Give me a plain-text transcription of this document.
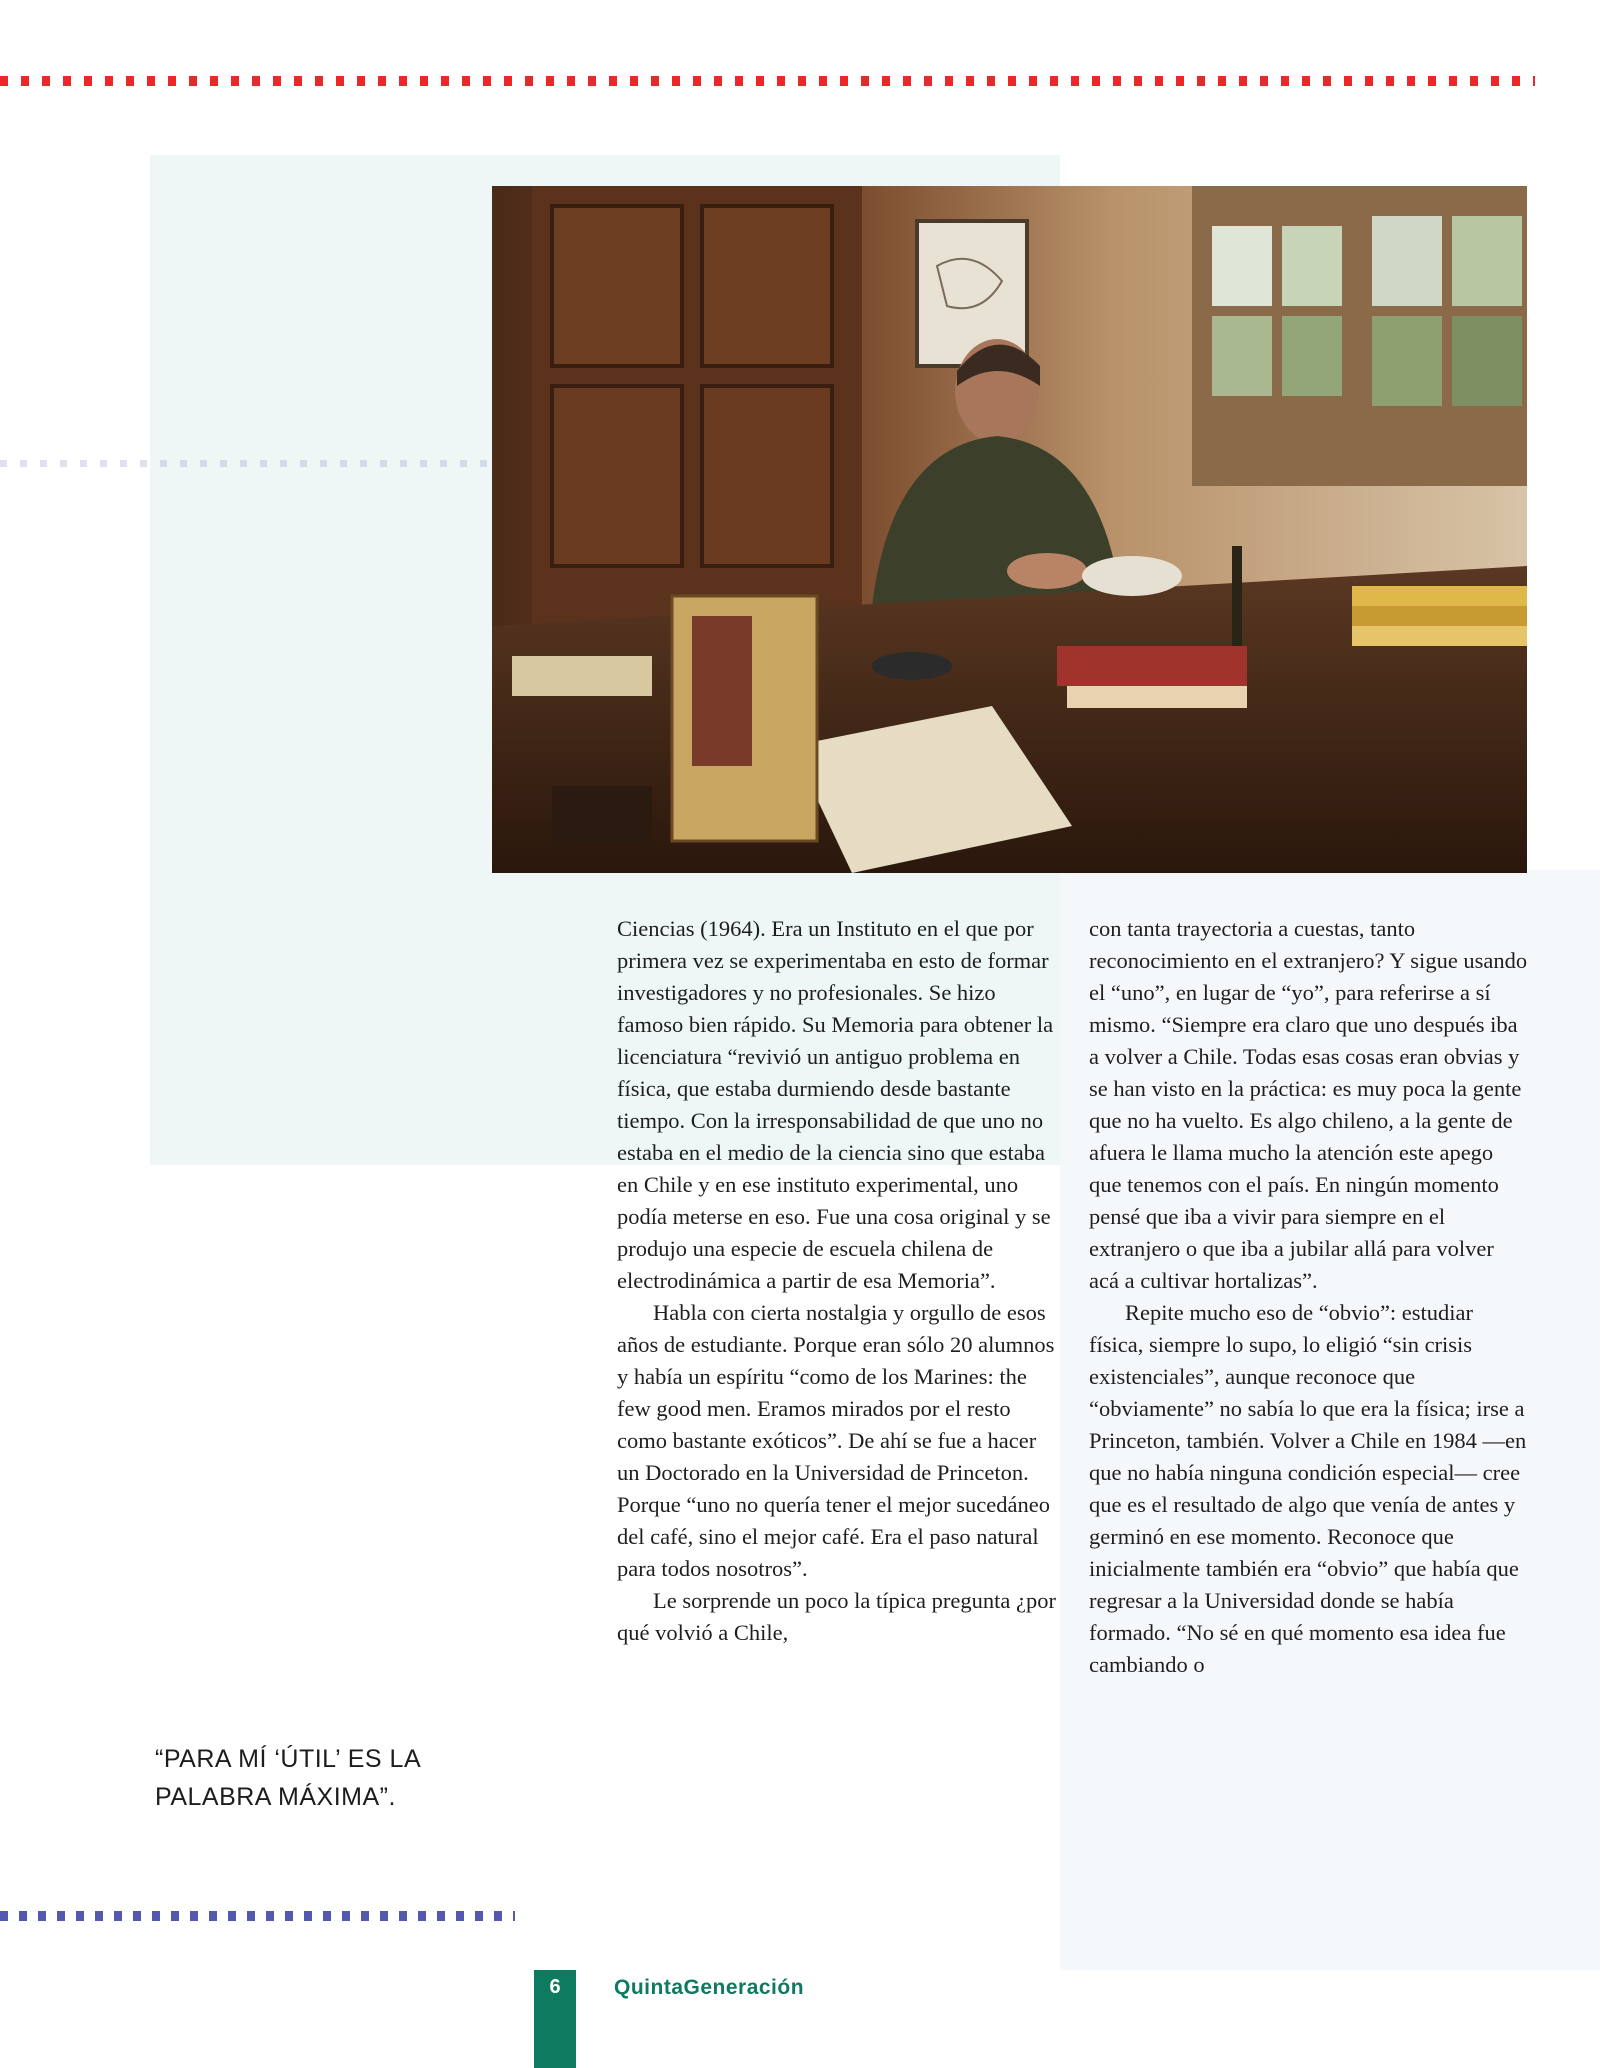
Ciencias (1964). Era un Instituto en el que por primera vez se experimentaba en esto de formar investigadores y no profesionales. Se hizo famoso bien rápido. Su Memoria para obtener la licenciatura “revivió un antiguo problema en física, que estaba durmiendo desde bastante tiempo. Con la irresponsabilidad de que uno no estaba en el medio de la ciencia sino que estaba en Chile y en ese instituto experimental, uno podía meterse en eso. Fue una cosa original y se produjo una especie de escuela chilena de electrodinámica a partir de esa Memoria”.

Habla con cierta nostalgia y orgullo de esos años de estudiante. Porque eran sólo 20 alumnos y había un espíritu “como de los Marines: the few good men. Eramos mirados por el resto como bastante exóticos”. De ahí se fue a hacer un Doctorado en la Universidad de Princeton. Porque “uno no quería tener el mejor sucedáneo del café, sino el mejor café. Era el paso natural para todos nosotros”.

Le sorprende un poco la típica pregunta ¿por qué volvió a Chile,

con tanta trayectoria a cuestas, tanto reconocimiento en el extranjero? Y sigue usando el “uno”, en lugar de “yo”, para referirse a sí mismo. “Siempre era claro que uno después iba a volver a Chile. Todas esas cosas eran obvias y se han visto en la práctica: es muy poca la gente que no ha vuelto. Es algo chileno, a la gente de afuera le llama mucho la atención este apego que tenemos con el país. En ningún momento pensé que iba a vivir para siempre en el extranjero o que iba a jubilar allá para volver acá a cultivar hortalizas”.

Repite mucho eso de “obvio”: estudiar física, siempre lo supo, lo eligió “sin crisis existenciales”, aunque reconoce que “obviamente” no sabía lo que era la física; irse a Princeton, también. Volver a Chile en 1984 —en que no había ninguna condición especial— cree que es el resultado de algo que venía de antes y germinó en ese momento. Reconoce que inicialmente también era “obvio” que había que regresar a la Universidad donde se había formado. “No sé en qué momento esa idea fue cambiando o

“PARA MÍ ‘ÚTIL’ ES LA PALABRA MÁXIMA”.
6	QuintaGeneración
